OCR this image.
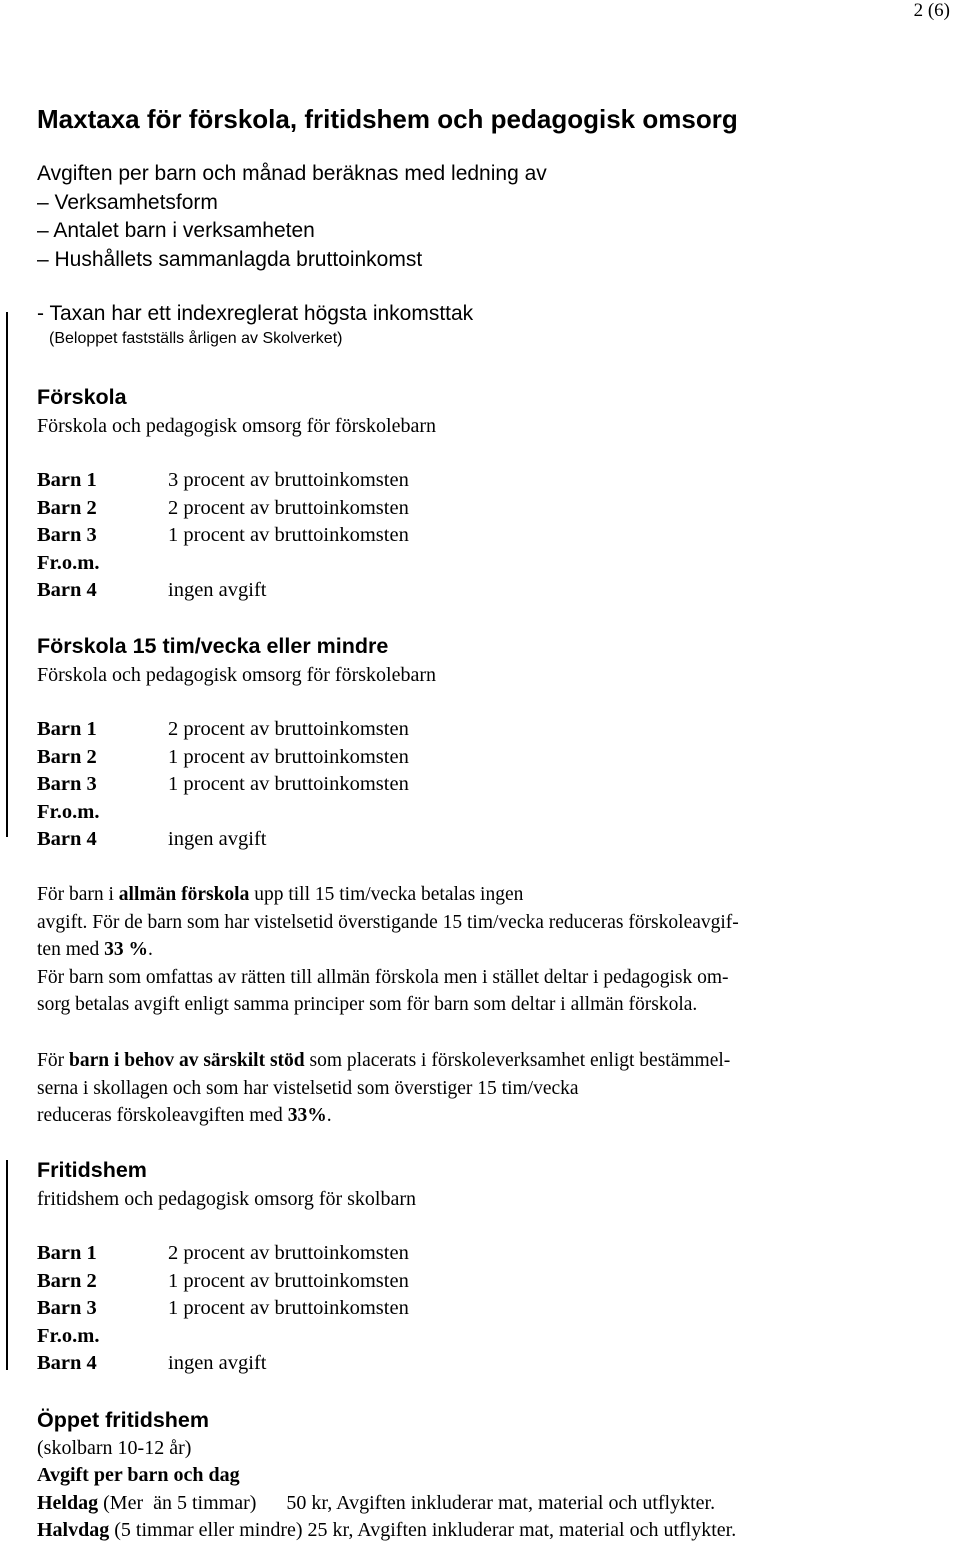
2 (6)
Maxtaxa för förskola, fritidshem och pedagogisk omsorg
Avgiften per barn och månad beräknas med ledning av
– Verksamhetsform
– Antalet barn i verksamheten
– Hushållets sammanlagda bruttoinkomst
- Taxan har ett indexreglerat högsta inkomsttak
(Beloppet fastställs årligen av Skolverket)
Förskola
Förskola och pedagogisk omsorg för förskolebarn
Barn 1	3 procent av bruttoinkomsten
Barn 2	2 procent av bruttoinkomsten
Barn 3	1 procent av bruttoinkomsten
Fr.o.m.
Barn 4	ingen avgift
Förskola 15 tim/vecka eller mindre
Förskola och pedagogisk omsorg för förskolebarn
Barn 1	2 procent av bruttoinkomsten
Barn 2	1 procent av bruttoinkomsten
Barn 3	1 procent av bruttoinkomsten
Fr.o.m.
Barn 4	ingen avgift

För barn i allmän förskola upp till 15 tim/vecka betalas ingen
avgift. För de barn som har vistelsetid överstigande 15 tim/vecka reduceras förskoleavgif-
ten med 33 %.

För barn som omfattas av rätten till allmän förskola men i stället deltar i pedagogisk om-
sorg betalas avgift enligt samma principer som för barn som deltar i allmän förskola.

För barn i behov av särskilt stöd som placerats i förskoleverksamhet enligt bestämmel-
serna i skollagen och som har vistelsetid som överstiger 15 tim/vecka
reduceras förskoleavgiften med 33%.

Fritidshem
fritidshem och pedagogisk omsorg för skolbarn
Barn 1	2 procent av bruttoinkomsten
Barn 2	1 procent av bruttoinkomsten
Barn 3	1 procent av bruttoinkomsten
Fr.o.m.
Barn 4	ingen avgift
Öppet fritidshem
(skolbarn 10-12 år)
Avgift per barn och dag
Heldag (Mer  än 5 timmar)      50 kr, Avgiften inkluderar mat, material och utflykter.
Halvdag (5 timmar eller mindre) 25 kr, Avgiften inkluderar mat, material och utflykter.
